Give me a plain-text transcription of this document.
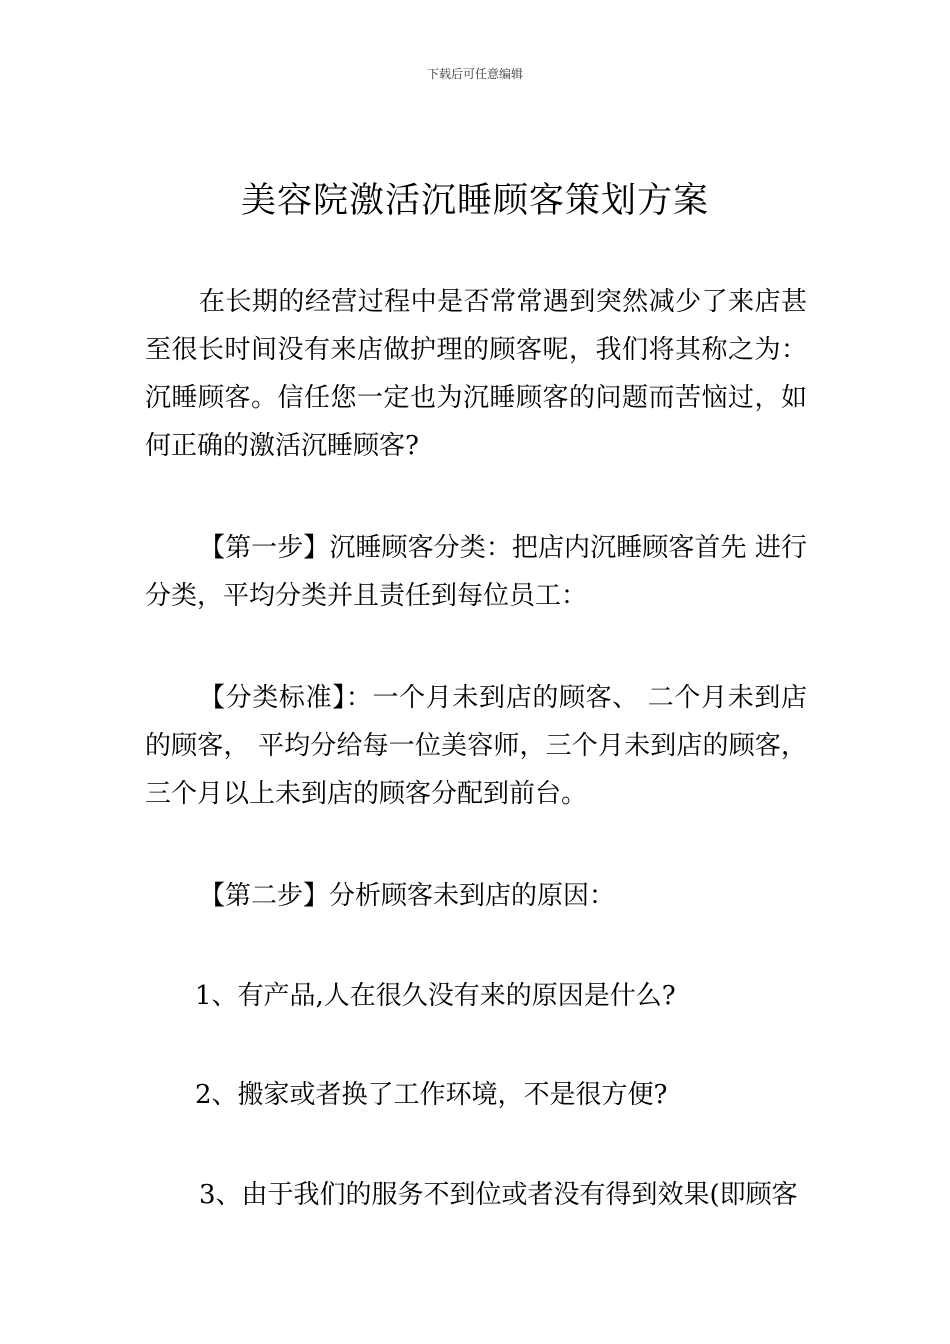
下载后可任意编辑
美容院激活沉睡顾客策划方案

在长期的经营过程中是否常常遇到突然减少了来店甚至很长时间没有来店做护理的顾客呢，我们将其称之为：沉睡顾客。信任您一定也为沉睡顾客的问题而苦恼过，如何正确的激活沉睡顾客?

【第一步】沉睡顾客分类：把店内沉睡顾客首先 进行分类，平均分类并且责任到每位员工：

【分类标准】：一个月未到店的顾客、 二个月未到店的顾客， 平均分给每一位美容师，三个月未到店的顾客，三个月以上未到店的顾客分配到前台。

【第二步】分析顾客未到店的原因：

1、有产品,人在很久没有来的原因是什么?

2、搬家或者换了工作环境，不是很方便?

3、由于我们的服务不到位或者没有得到效果(即顾客
